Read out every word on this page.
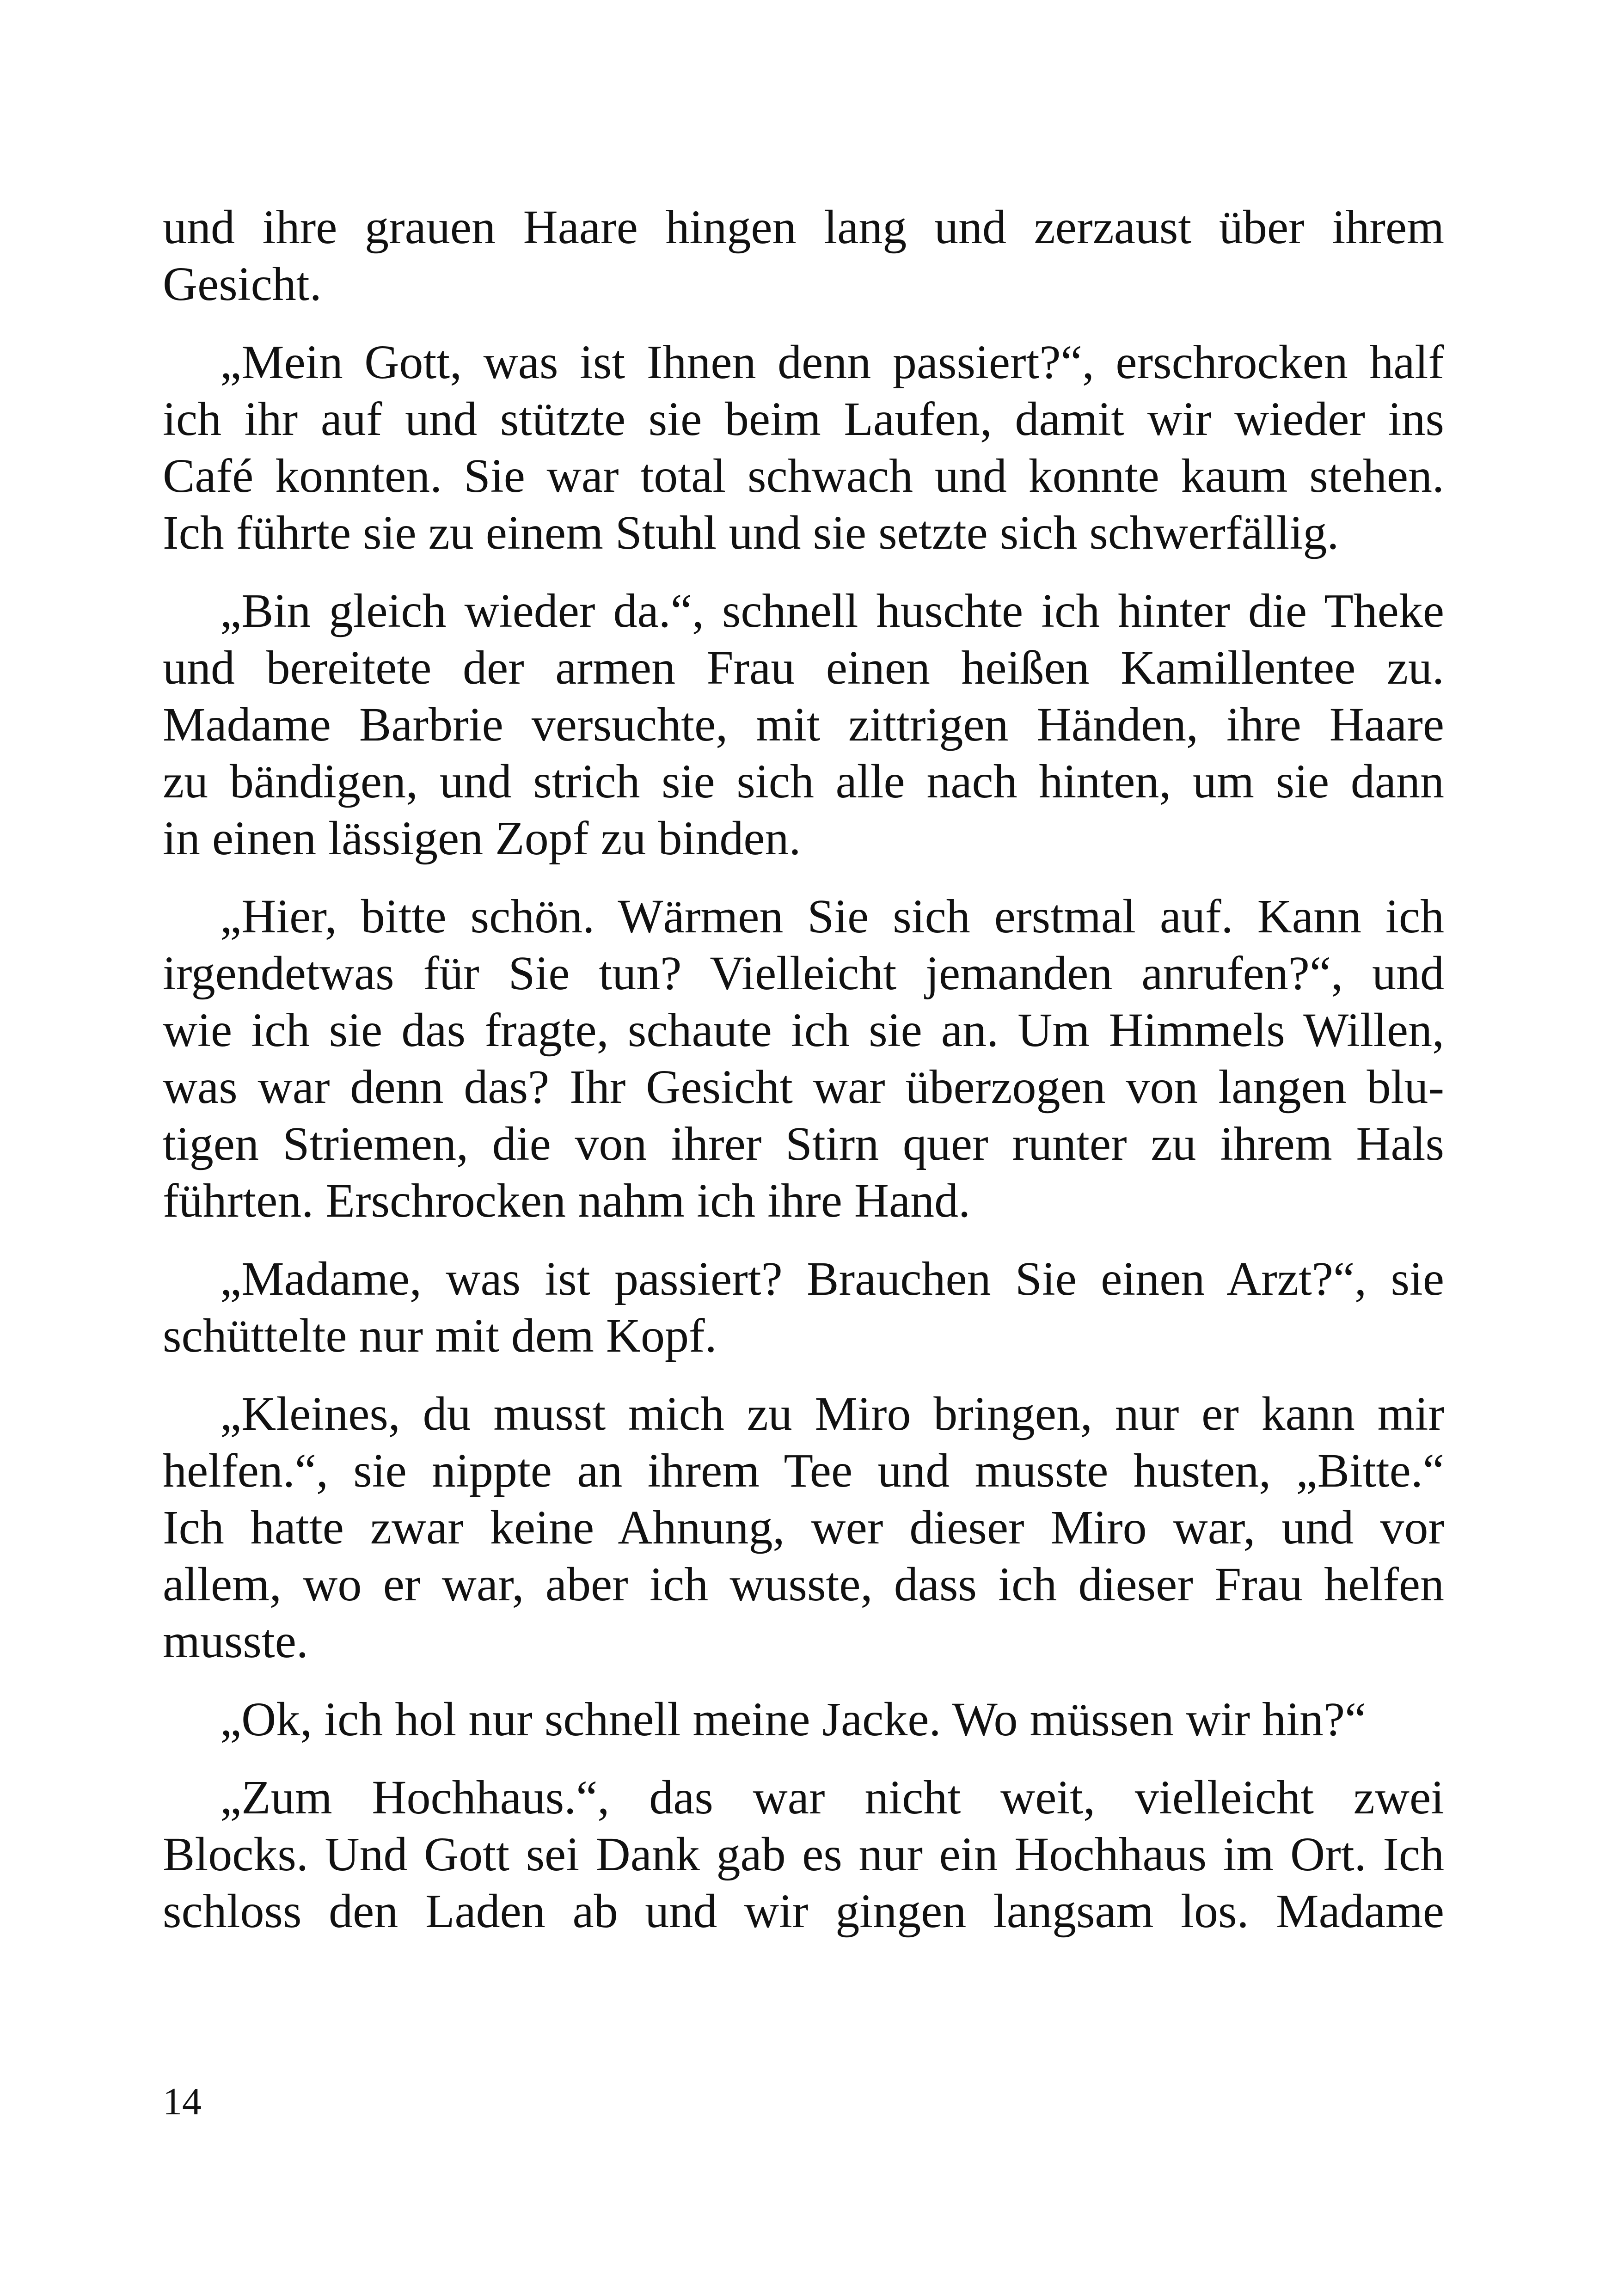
und ihre grauen Haare hingen lang und zerzaust über ihrem
Gesicht.
„Mein Gott, was ist Ihnen denn passiert?“, erschrocken half
ich ihr auf und stützte sie beim Laufen, damit wir wieder ins
Café konnten. Sie war total schwach und konnte kaum stehen.
Ich führte sie zu einem Stuhl und sie setzte sich schwerfällig.
„Bin gleich wieder da.“, schnell huschte ich hinter die Theke
und bereitete der armen Frau einen heißen Kamillentee zu.
Madame Barbrie versuchte, mit zittrigen Händen, ihre Haare
zu bändigen, und strich sie sich alle nach hinten, um sie dann
in einen lässigen Zopf zu binden.
„Hier, bitte schön. Wärmen Sie sich erstmal auf. Kann ich
irgendetwas für Sie tun? Vielleicht jemanden anrufen?“, und
wie ich sie das fragte, schaute ich sie an. Um Himmels Willen,
was war denn das? Ihr Gesicht war überzogen von langen blu-
tigen Striemen, die von ihrer Stirn quer runter zu ihrem Hals
führten. Erschrocken nahm ich ihre Hand.
„Madame, was ist passiert? Brauchen Sie einen Arzt?“, sie
schüttelte nur mit dem Kopf.
„Kleines, du musst mich zu Miro bringen, nur er kann mir
helfen.“, sie nippte an ihrem Tee und musste husten, „Bitte.“
Ich hatte zwar keine Ahnung, wer dieser Miro war, und vor
allem, wo er war, aber ich wusste, dass ich dieser Frau helfen
musste.
„Ok, ich hol nur schnell meine Jacke. Wo müssen wir hin?“
„Zum Hochhaus.“, das war nicht weit, vielleicht zwei
Blocks. Und Gott sei Dank gab es nur ein Hochhaus im Ort. Ich
schloss den Laden ab und wir gingen langsam los. Madame
14
